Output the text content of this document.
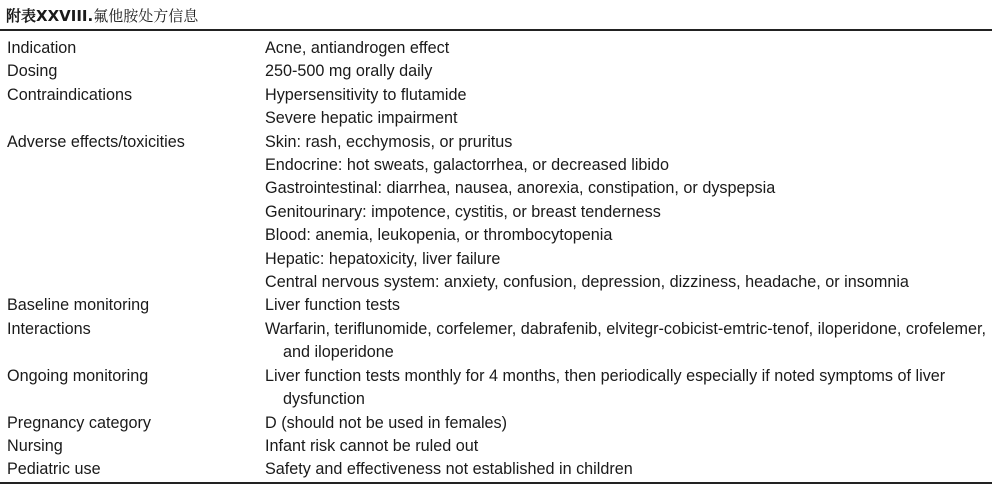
附表XXVIII.氟他胺处方信息
Indication	Acne, antiandrogen effect
Dosing	250-500 mg orally daily
Contraindications	Hypersensitivity to flutamide
Severe hepatic impairment
Adverse effects/toxicities	Skin: rash, ecchymosis, or pruritus
Endocrine: hot sweats, galactorrhea, or decreased libido
Gastrointestinal: diarrhea, nausea, anorexia, constipation, or dyspepsia
Genitourinary: impotence, cystitis, or breast tenderness
Blood: anemia, leukopenia, or thrombocytopenia
Hepatic: hepatoxicity, liver failure
Central nervous system: anxiety, confusion, depression, dizziness, headache, or insomnia
Baseline monitoring	Liver function tests
Interactions	Warfarin, teriflunomide, corfelemer, dabrafenib, elvitegr-cobicist-emtric-tenof, iloperidone, crofelemer, and iloperidone
Ongoing monitoring	Liver function tests monthly for 4 months, then periodically especially if noted symptoms of liver dysfunction
Pregnancy category	D (should not be used in females)
Nursing	Infant risk cannot be ruled out
Pediatric use	Safety and effectiveness not established in children
